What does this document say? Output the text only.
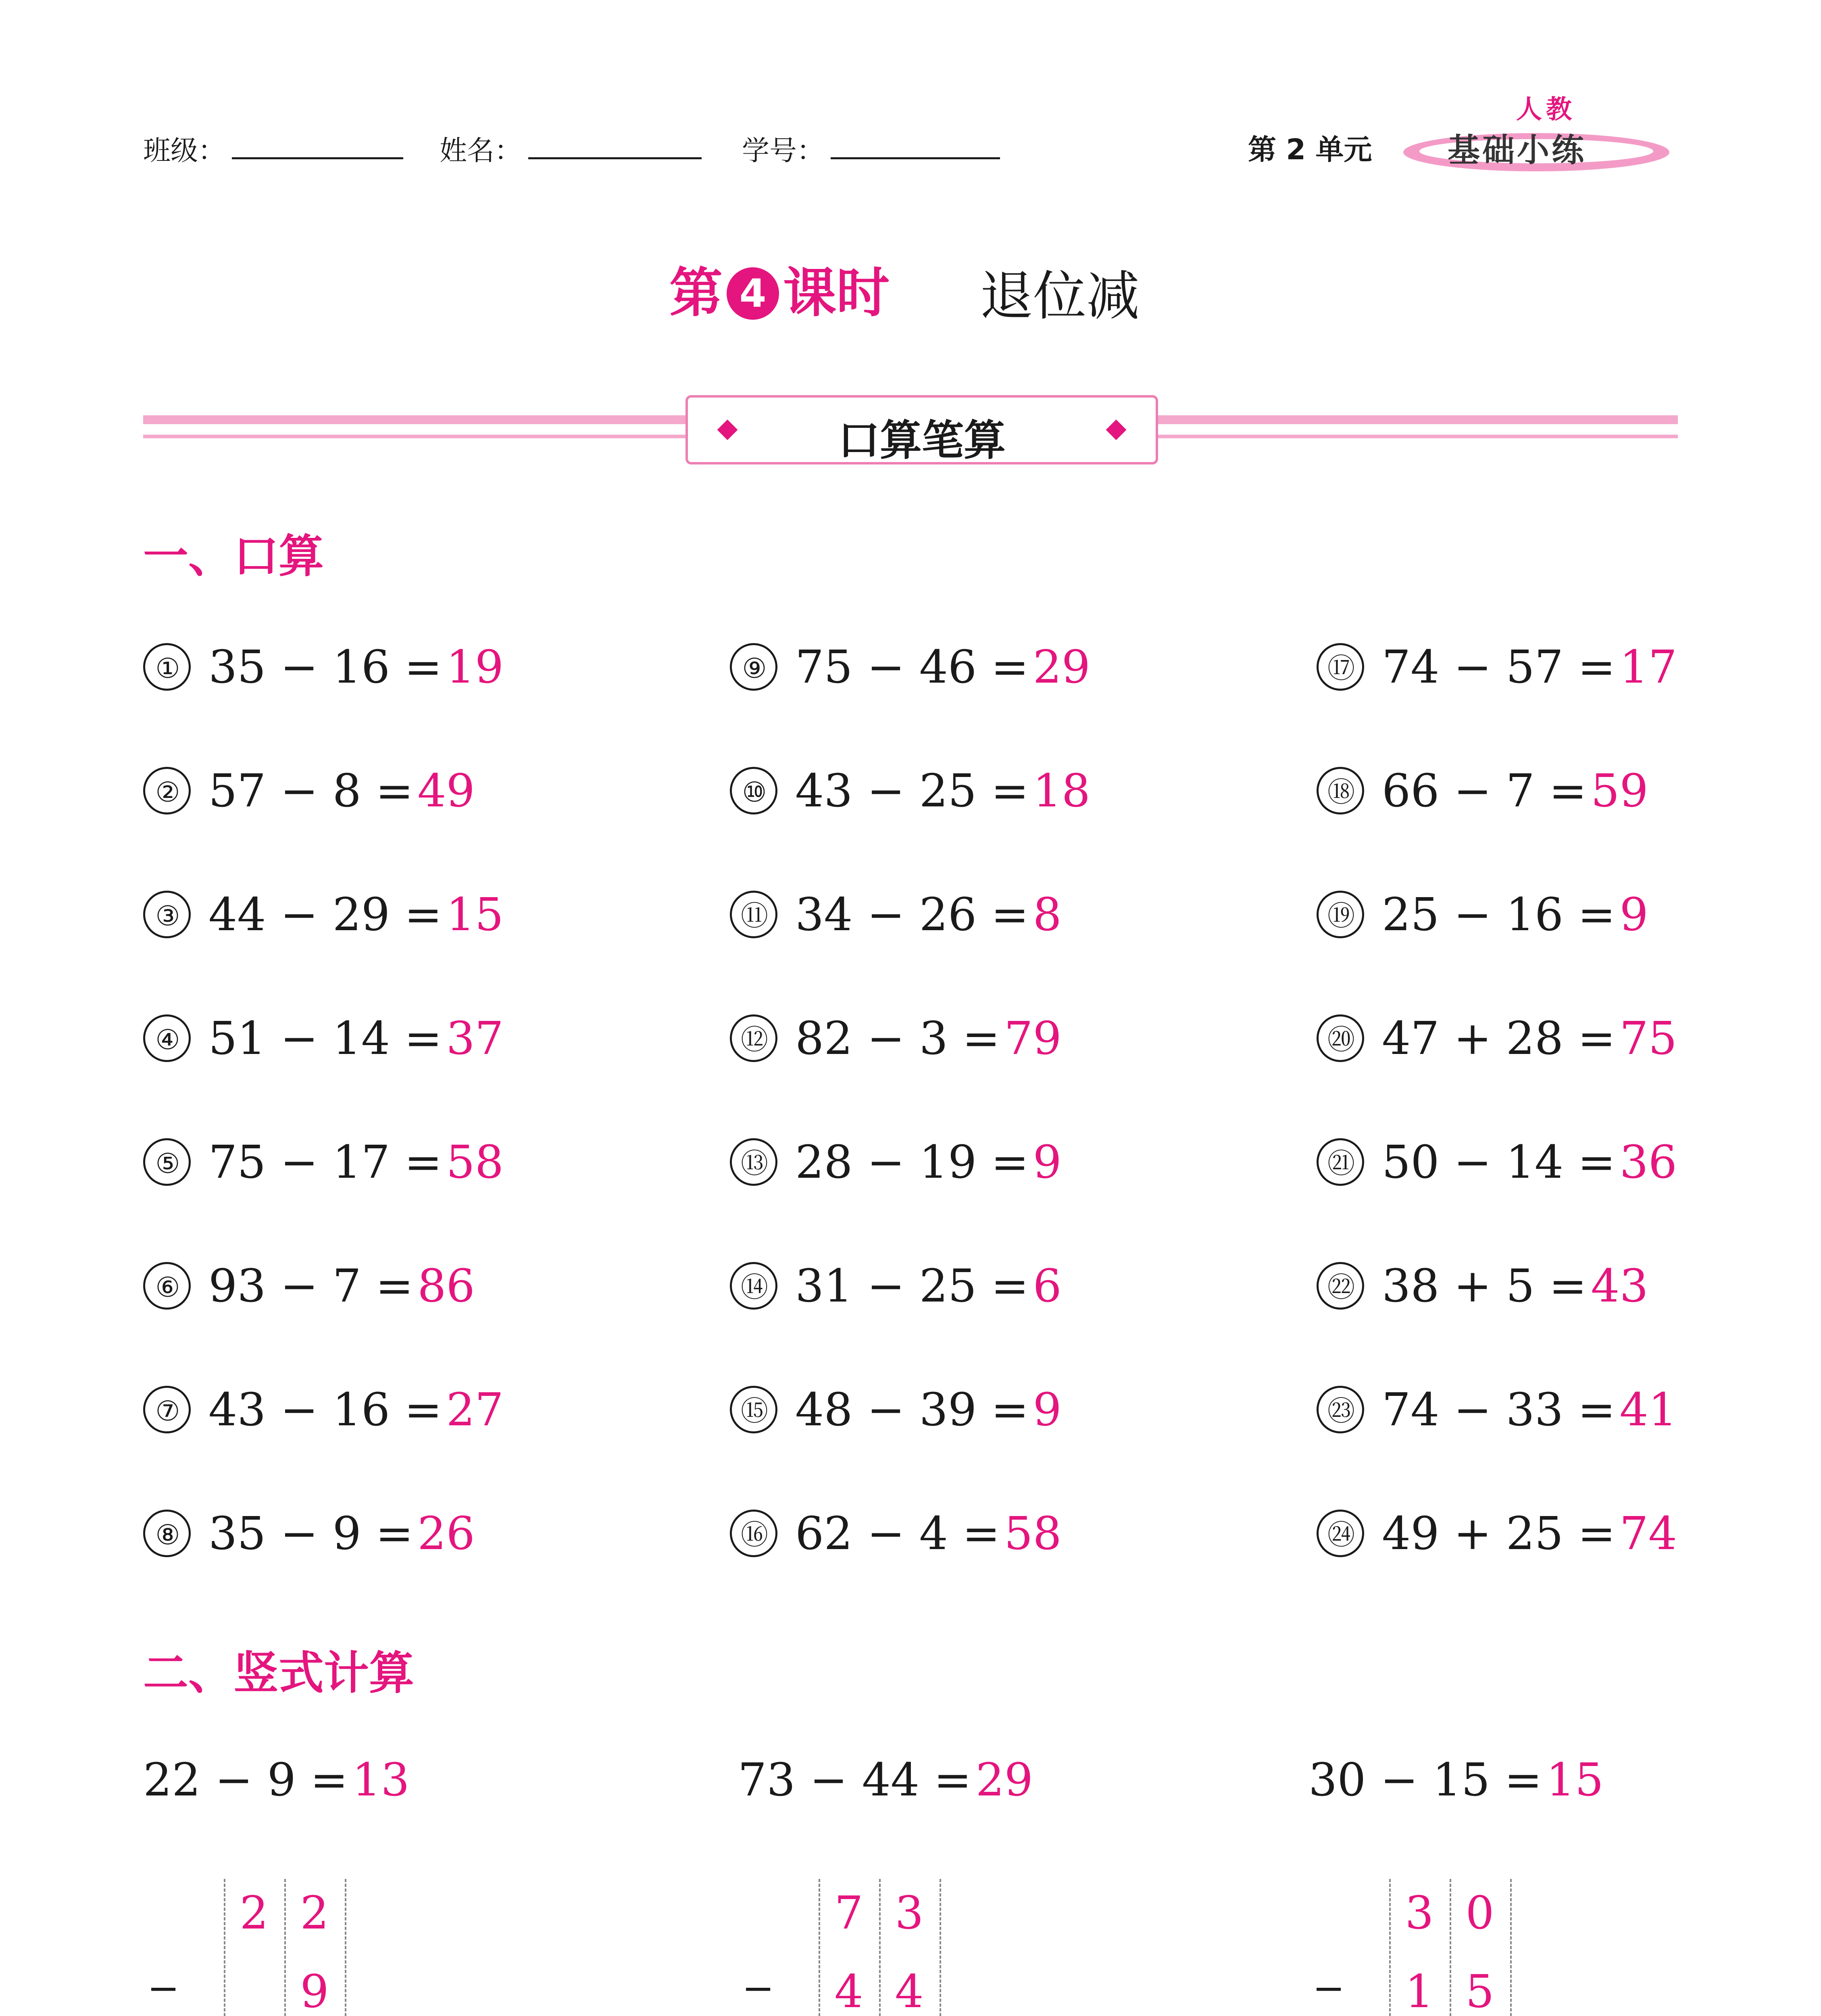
班级：	姓名：	学号：	第 2 单元
人教
基础小练
第 4 课时 退位减
口算笔算
一、口算
① 35 − 16 =19
② 57 − 8 =49
③ 44 − 29 =15
④ 51 − 14 =37
⑤ 75 − 17 =58
⑥ 93 − 7 =86
⑦ 43 − 16 =27
⑧ 35 − 9 =26
⑨ 75 − 46 =29
⑩ 43 − 25 =18
⑪ 34 − 26 =8
⑫ 82 − 3 =79
⑬ 28 − 19 =9
⑭ 31 − 25 =6
⑮ 48 − 39 =9
⑯ 62 − 4 =58
⑰ 74 − 57 =17
⑱ 66 − 7 =59
⑲ 25 − 16 =9
⑳ 47 + 28 =75
㉑ 50 − 14 =36
㉒ 38 + 5 =43
㉓ 74 − 33 =41
㉔ 49 + 25 =74
二、竖式计算
22 − 9 =13
2 2
9
−
73 − 44 =29
7 3
4 4
−
30 − 15 =15
3 0
1 5
−
